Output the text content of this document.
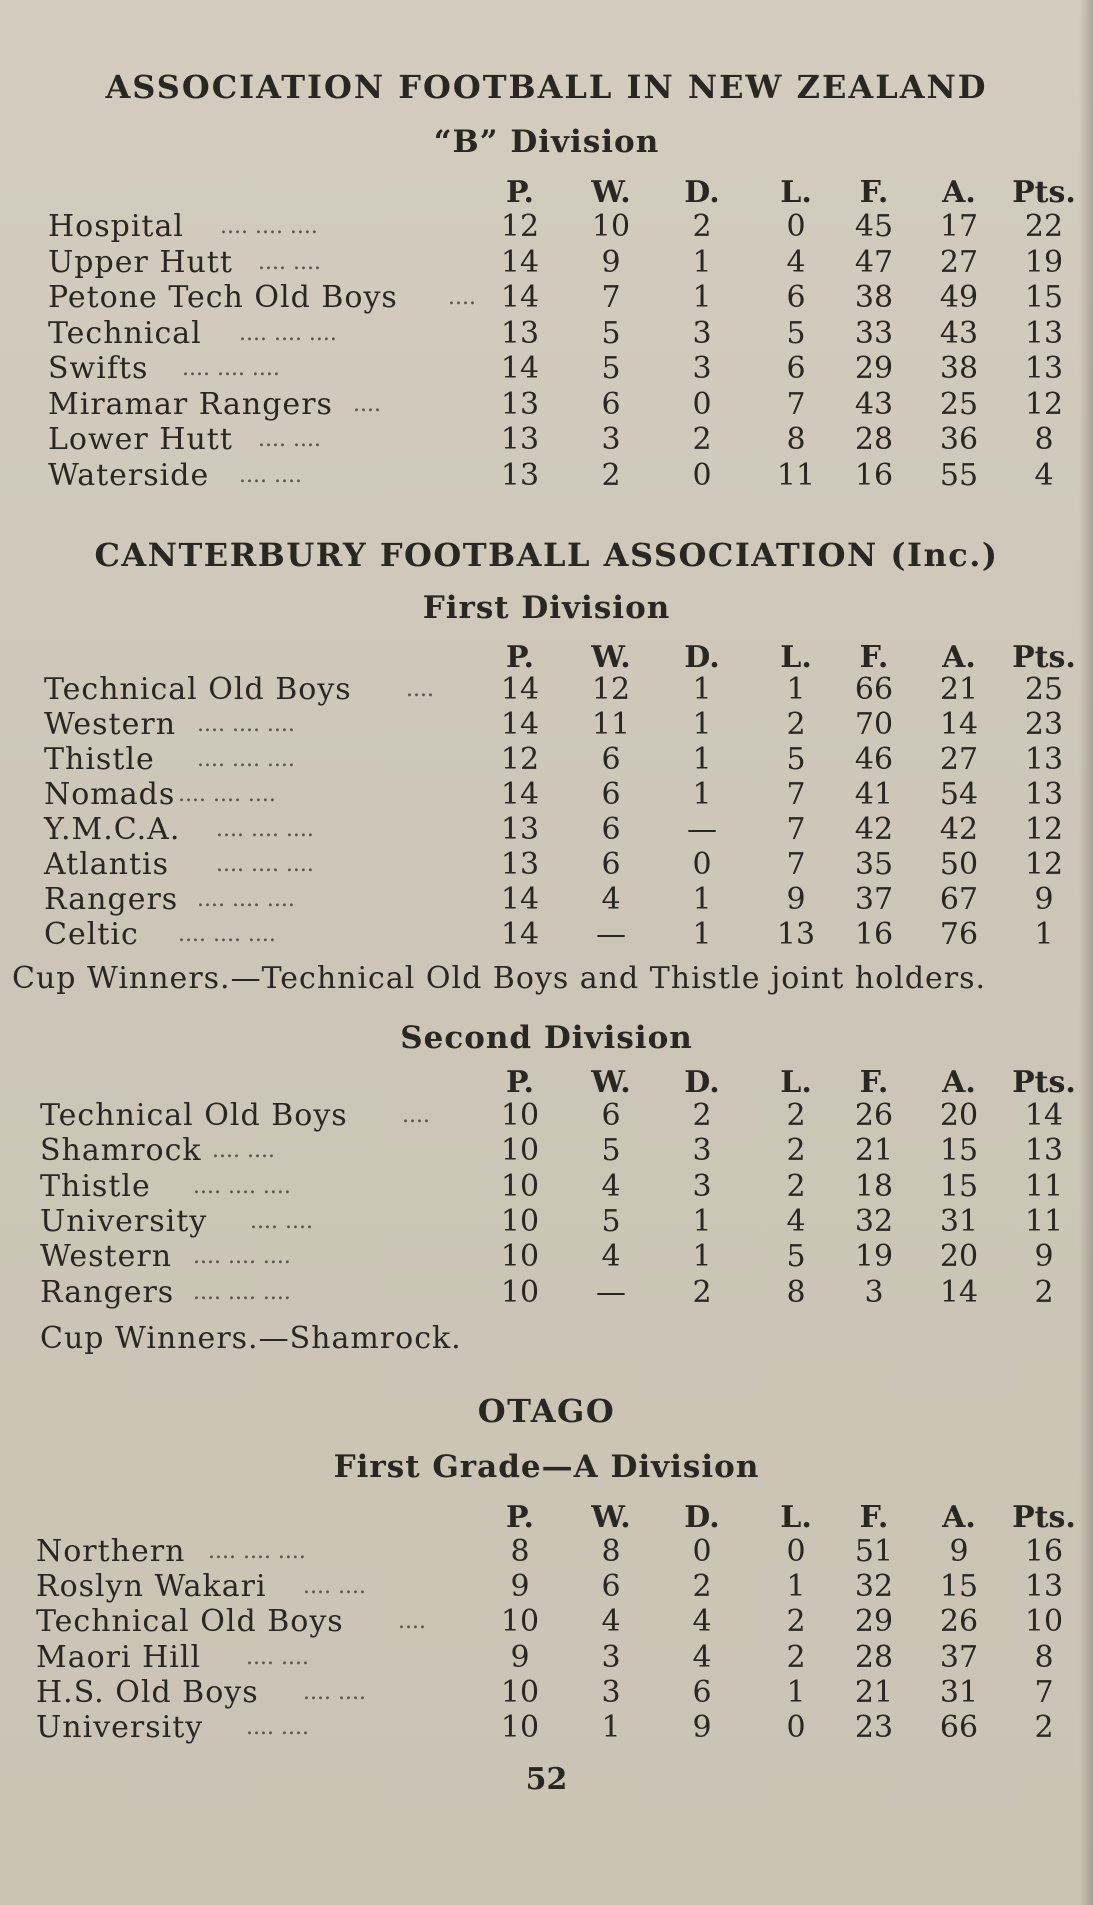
ASSOCIATION FOOTBALL IN NEW ZEALAND
“B” Division
P.	W.	D.	L.	F.	A.	Pts.
CANTERBURY FOOTBALL ASSOCIATION (Inc.)
First Division
P.	W.	D.	L.	F.	A.	Pts.
Cup Winners.—Technical Old Boys and Thistle joint holders.
Second Division
P.	W.	D.	L.	F.	A.	Pts.
Cup Winners.—Shamrock.
OTAGO
First Grade—A Division
P.	W.	D.	L.	F.	A.	Pts.
52
Hospital .... .... ....	12	10	2	0	45	17	22
Upper Hutt .... ....	14	9	1	4	47	27	19
Petone Tech Old Boys .... 14	7	1	6	38	49	15
Technical .... .... ....	13	5	3	5	33	43	13
Swifts .... .... ....	14	5	3	6	29	38	13
Miramar Rangers ....	13	6	0	7	43	25	12
Lower Hutt .... ....	13	3	2	8	28	36	8
Waterside .... ....	13	2	0	11	16	55	4
Technical Old Boys ....	14	12	1	1	66	21	25
Western .... .... ....	14	11	1	2	70	14	23
Thistle .... .... ....	12	6	1	5	46	27	13
Nomads .... .... ....	14	6	1	7	41	54	13
Y.M.C.A. .... .... ....	13	6	—	7	42	42	12
Atlantis .... .... ....	13	6	0	7	35	50	12
Rangers .... .... ....	14	4	1	9	37	67	9
Celtic .... .... ....	14	—	1	13	16	76	1
Technical Old Boys ....	10	6	2	2	26	20	14
Shamrock .... ....	10	5	3	2	21	15	13
Thistle .... .... ....	10	4	3	2	18	15	11
University .... ....	10	5	1	4	32	31	11
Western .... .... ....	10	4	1	5	19	20	9
Rangers .... .... ....	10	—	2	8	3	14	2
Northern .... .... ....	8	8	0	0	51	9	16
Roslyn Wakari .... ....	9	6	2	1	32	15	13
Technical Old Boys ....	10	4	4	2	29	26	10
Maori Hill .... ....	9	3	4	2	28	37	8
H.S. Old Boys .... ....	10	3	6	1	21	31	7
University .... ....	10	1	9	0	23	66	2
